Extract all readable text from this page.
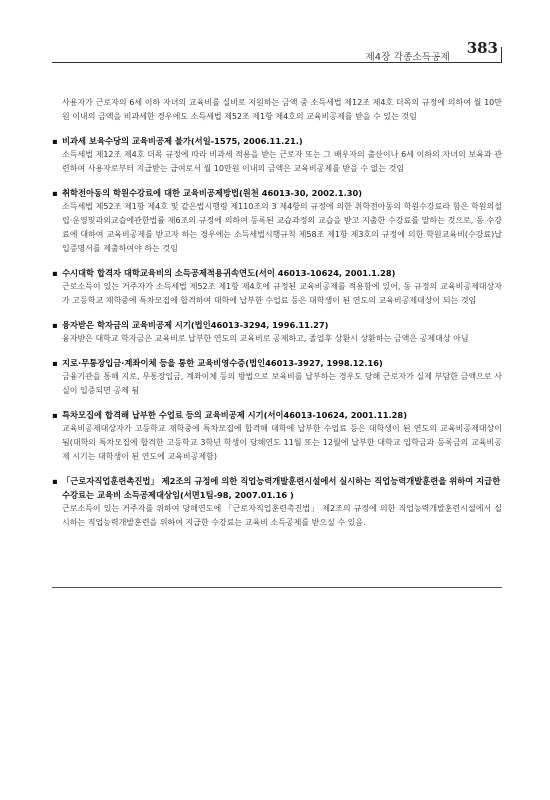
제4장 각종소득공제
383

사용자가 근로자의 6세 이하 자녀의 교육비를 실비로 지원하는 금액 중 소득세법 제12조 제4호 더목의 규정에 의하여 월 10만원 이내의 금액을 비과세한 경우에도 소득세법 제52조 제1항 제4호의 교육비공제를 받을 수 있는 것임

▪ 비과세 보육수당의 교육비공제 불가(서일-1575, 2006.11.21.)

소득세법 제12조 제4호 더목 규정에 따라 비과세 적용을 받는 근로자 또는 그 배우자의 출산이나 6세 이하의 자녀의 보육과 관련하여 사용자로부터 지급받는 급여로서 월 10만원 이내의 금액은 교육비공제를 받을 수 없는 것임

▪ 취학전아동의 학원수강료에 대한 교육비공제방법(원천 46013-30, 2002.1.30)

소득세법 제52조 제1항 제4호 및 같은법시행령 제110조의 3 제4항의 규정에 의한 취학전아동의 학원수강료라 함은 학원의설립·운영및과외교습에관한법률 제6조의 규정에 의하여 등록된 교습과정의 교습을 받고 지출한 수강료를 말하는 것으로, 동 수강료에 대하여 교육비공제를 받고자 하는 경우에는 소득세법시행규칙 제58조 제1항 제3호의 규정에 의한 학원교육비(수강료)납입증명서를 제출하여야 하는 것임

▪ 수시대학 합격자 대학교육비의 소득공제적용귀속연도(서이 46013-10624, 2001.1.28)

근로소득이 있는 거주자가 소득세법 제52조 제1항 제4호에 규정된 교육비공제를 적용함에 있어, 동 규정의 교육비공제대상자가 고등학교 재학중에 특차모집에 합격하여 대학에 납부한 수업료 등은 대학생이 된 연도의 교육비공제대상이 되는 것임

▪ 융자받은 학자금의 교육비공제 시기(법인46013-3294, 1996.11.27)

융자받은 대학교 학자금은 교육비로 납부한 연도의 교육비로 공제하고, 졸업후 상환시 상환하는 금액은 공제대상 아님

▪ 지로·무통장입금·계좌이체 등을 통한 교육비영수증(법인46013-3927, 1998.12.16)

금융기관을 통해 지로, 무통장입금, 계좌이체 등의 방법으로 보육비를 납부하는 경우도 당해 근로자가 실제 부담한 금액으로 사실이 입증되면 공제 됨

▪ 특차모집에 합격해 납부한 수업료 등의 교육비공제 시기(서이46013-10624, 2001.11.28)

교육비공제대상자가 고등학교 재학중에 특차모집에 합격해 대학에 납부한 수업료 등은 대학생이 된 연도의 교육비공제대상이 됨(대학의 특차모집에 합격한 고등학교 3학년 학생이 당해연도 11월 또는 12월에 납부한 대학교 입학금과 등록금의 교육비공제 시기는 대학생이 된 연도에 교육비공제함)

▪ 「근로자직업훈련촉진법」 제2조의 규정에 의한 직업능력개발훈련시설에서 실시하는 직업능력개발훈련을 위하여 지급한 수강료는 교육비 소득공제대상임(서면1팀-98, 2007.01.16 )

근로소득이 있는 거주자를 위하여 당해연도에 「근로자직업훈련촉진법」 제2조의 규정에 의한 직업능력개발훈련시설에서 실시하는 직업능력개발훈련을 위하여 지급한 수강료는 교육비 소득공제를 받으실 수 있음.
